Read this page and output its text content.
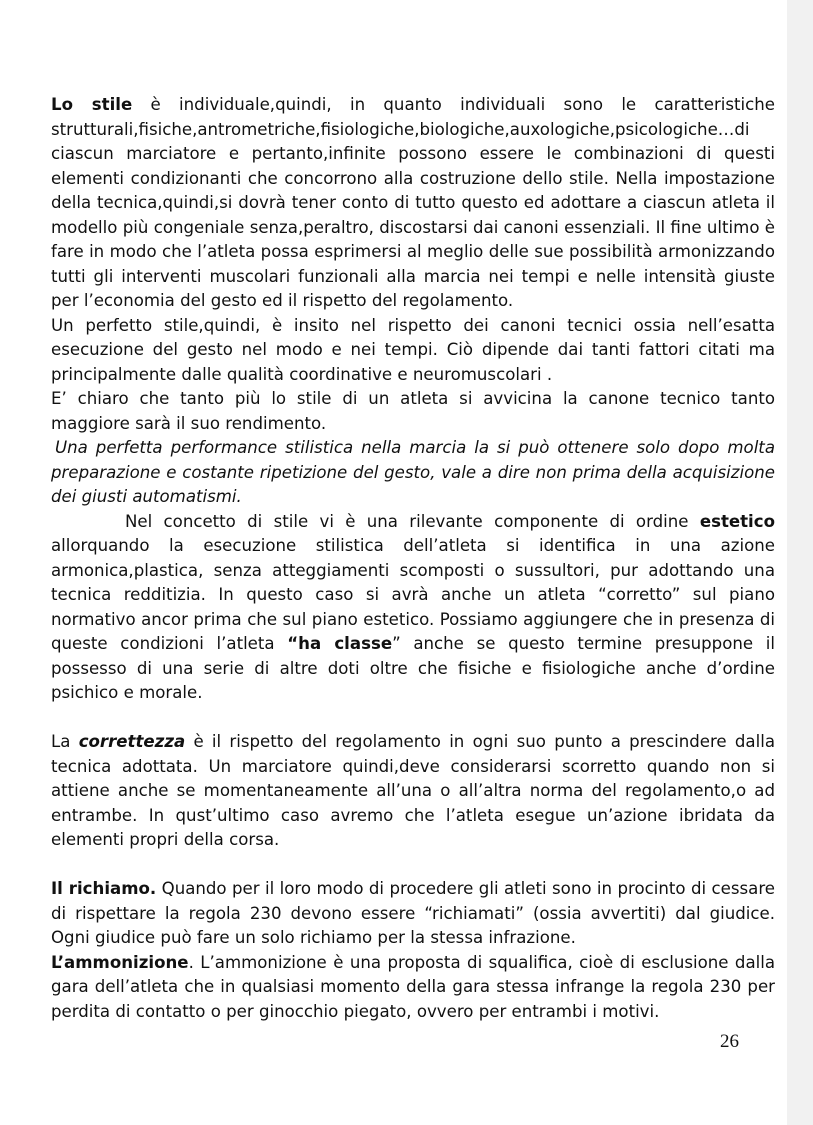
Lo stile è individuale,quindi, in quanto individuali sono le caratteristiche strutturali,fisiche,antrometriche,fisiologiche,biologiche,auxologiche,psicologiche…di ciascun marciatore e pertanto,infinite possono essere le combinazioni di questi elementi condizionanti che concorrono alla costruzione dello stile. Nella impostazione della tecnica,quindi,si dovrà tener conto di tutto questo ed adottare a ciascun atleta il modello più congeniale senza,peraltro, discostarsi dai canoni essenziali. Il fine ultimo è fare in modo che l’atleta possa esprimersi al meglio delle sue possibilità armonizzando tutti gli interventi muscolari funzionali alla marcia nei tempi e nelle intensità giuste per l’economia del gesto ed il rispetto del regolamento.

Un perfetto stile,quindi, è insito nel rispetto dei canoni tecnici ossia nell’esatta esecuzione del gesto nel modo e nei tempi. Ciò dipende dai tanti fattori citati ma principalmente dalle qualità coordinative e neuromuscolari .

E’ chiaro che tanto più lo stile di un atleta si avvicina la canone tecnico tanto maggiore sarà il suo rendimento.

Una perfetta performance stilistica nella marcia la si può ottenere solo dopo molta preparazione e costante ripetizione del gesto, vale a dire non prima della acquisizione dei giusti automatismi.

Nel concetto di stile vi è una rilevante componente di ordine estetico allorquando la esecuzione stilistica dell’atleta si identifica in una azione armonica,plastica, senza atteggiamenti scomposti o sussultori, pur adottando una tecnica redditizia. In questo caso si avrà anche un atleta “corretto” sul piano normativo ancor prima che sul piano estetico. Possiamo aggiungere che in presenza di queste condizioni l’atleta “ha classe” anche se questo termine presuppone il possesso di una serie di altre doti oltre che fisiche e fisiologiche anche d’ordine psichico e morale.

La correttezza è il rispetto del regolamento in ogni suo punto a prescindere dalla tecnica adottata. Un marciatore quindi,deve considerarsi scorretto quando non si attiene anche se momentaneamente all’una o all’altra norma del regolamento,o ad entrambe. In qust’ultimo caso avremo che l’atleta esegue un’azione ibridata da elementi propri della corsa.

Il richiamo. Quando per il loro modo di procedere gli atleti sono in procinto di cessare di rispettare la regola 230 devono essere “richiamati” (ossia avvertiti) dal giudice. Ogni giudice può fare un solo richiamo per la stessa infrazione.

L’ammonizione. L’ammonizione è una proposta di squalifica, cioè di esclusione dalla gara dell’atleta che in qualsiasi momento della gara stessa infrange la regola 230 per perdita di contatto o per ginocchio piegato, ovvero per entrambi i motivi.

26
